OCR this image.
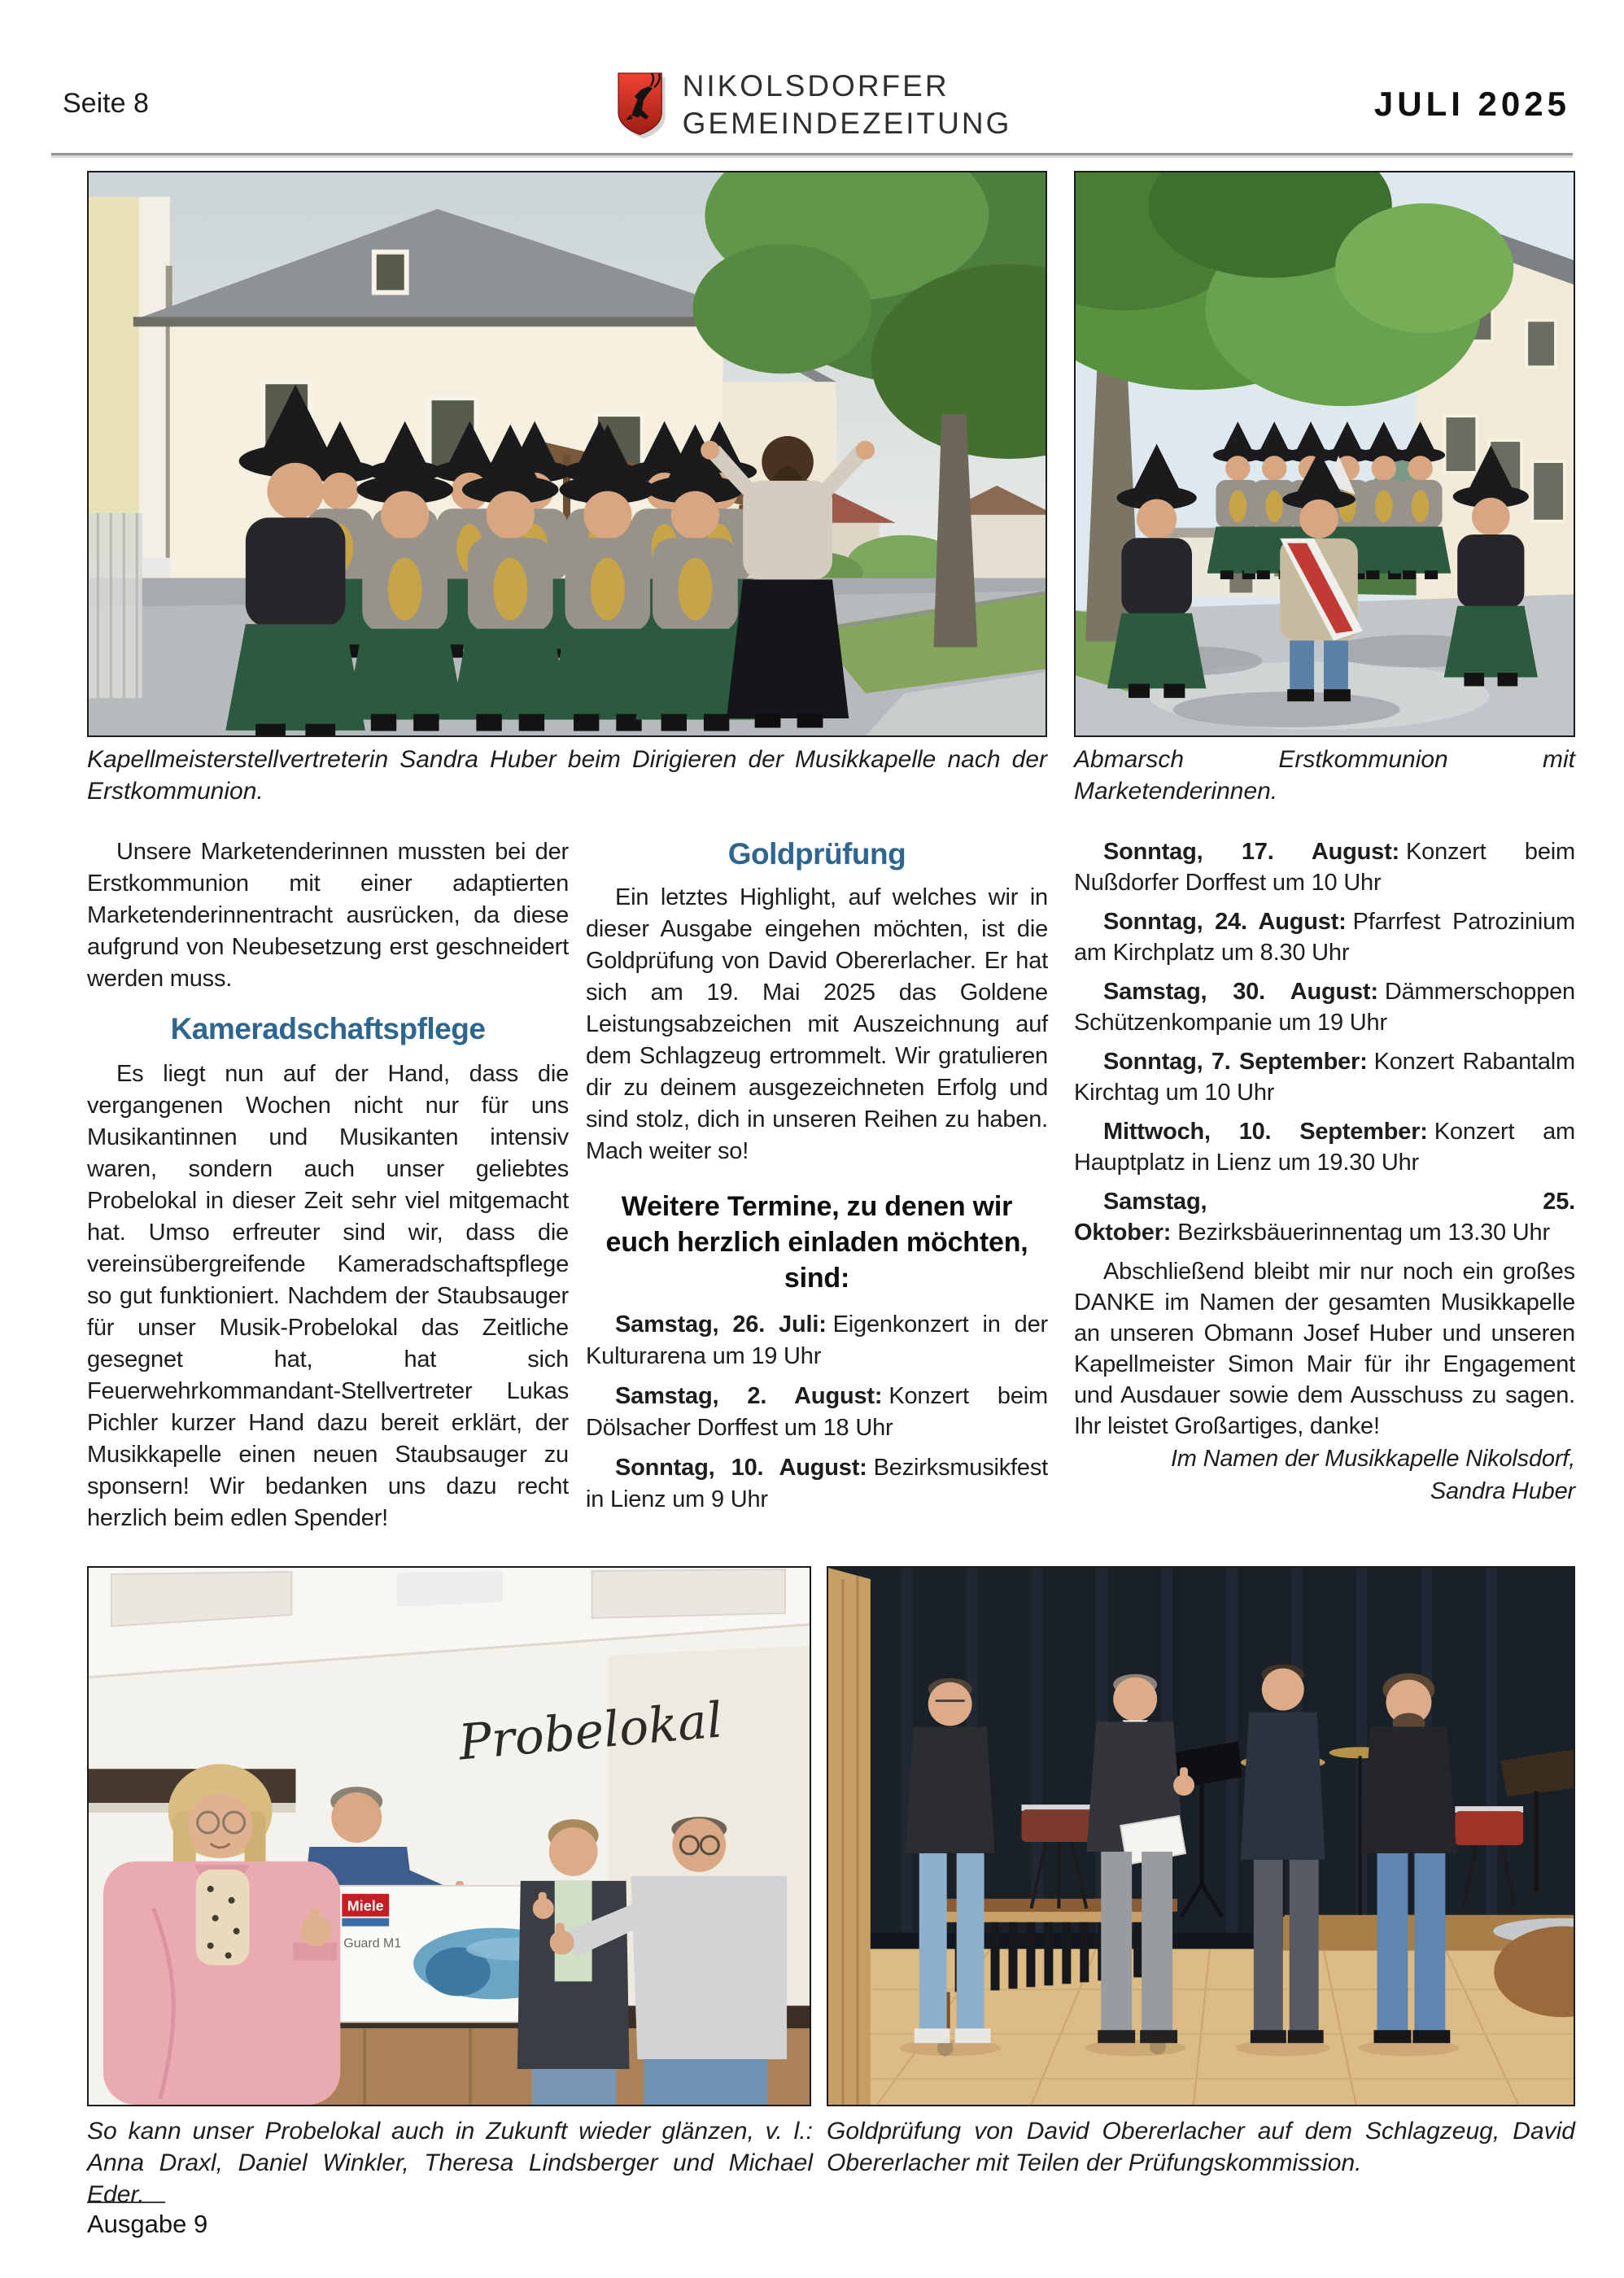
Seite 8
NIKOLSDORFER
GEMEINDEZEITUNG
JULI 2025
Kapellmeisterstellvertreterin Sandra Huber beim Dirigieren der Musikkapelle nach der Erstkommunion.
Abmarsch Erstkommunion mit Marketenderinnen.

Unsere Marketenderinnen mussten bei der Erstkommunion mit einer adaptierten Marketenderinnentracht ausrücken, da diese aufgrund von Neubesetzung erst geschneidert werden muss.

Kameradschaftspflege

Es liegt nun auf der Hand, dass die vergangenen Wochen nicht nur für uns Musikantinnen und Musikanten intensiv waren, sondern auch unser geliebtes Probelokal in dieser Zeit sehr viel mitgemacht hat. Umso erfreuter sind wir, dass die vereinsübergreifende Kameradschaftspflege so gut funktioniert. Nachdem der Staubsauger für unser Musik-Probelokal das Zeitliche gesegnet hat, hat sich Feuerwehrkommandant-Stellvertreter Lukas Pichler kurzer Hand dazu bereit erklärt, der Musikkapelle einen neuen Staubsauger zu sponsern! Wir bedanken uns dazu recht herzlich beim edlen Spender!

Goldprüfung

Ein letztes Highlight, auf welches wir in dieser Ausgabe eingehen möchten, ist die Goldprüfung von David Obererlacher. Er hat sich am 19. Mai 2025 das Goldene Leistungsabzeichen mit Auszeichnung auf dem Schlagzeug ertrommelt. Wir gratulieren dir zu deinem ausgezeichneten Erfolg und sind stolz, dich in unseren Reihen zu haben. Mach weiter so!

Weitere Termine, zu denen wir euch herzlich einladen möchten, sind:

Samstag, 26. Juli: Eigenkonzert in der Kulturarena um 19 Uhr

Samstag, 2. August: Konzert beim Dölsacher Dorffest um 18 Uhr

Sonntag, 10. August: Bezirksmusikfest in Lienz um 9 Uhr

Sonntag, 17. August: Konzert beim Nußdorfer Dorffest um 10 Uhr

Sonntag, 24. August: Pfarrfest Patrozinium am Kirchplatz um 8.30 Uhr

Samstag, 30. August: Dämmerschoppen Schützenkompanie um 19 Uhr

Sonntag, 7. September: Konzert Rabantalm Kirchtag um 10 Uhr

Mittwoch, 10. September: Konzert am Hauptplatz in Lienz um 19.30 Uhr

Samstag, 25. Oktober: Bezirksbäuerinnentag um 13.30 Uhr

Abschließend bleibt mir nur noch ein großes DANKE im Namen der gesamten Musikkapelle an unseren Obmann Josef Huber und unseren Kapellmeister Simon Mair für ihr Engagement und Ausdauer sowie dem Ausschuss zu sagen. Ihr leistet Großartiges, danke!

Im Namen der Musikkapelle Nikolsdorf,

Sandra Huber

Probelokal
Miele
Guard M1
So kann unser Probelokal auch in Zukunft wieder glänzen, v. l.: Anna Draxl, Daniel Winkler, Theresa Lindsberger und Michael Eder.
Goldprüfung von David Obererlacher auf dem Schlagzeug, David Obererlacher mit Teilen der Prüfungskommission.
Ausgabe 9
